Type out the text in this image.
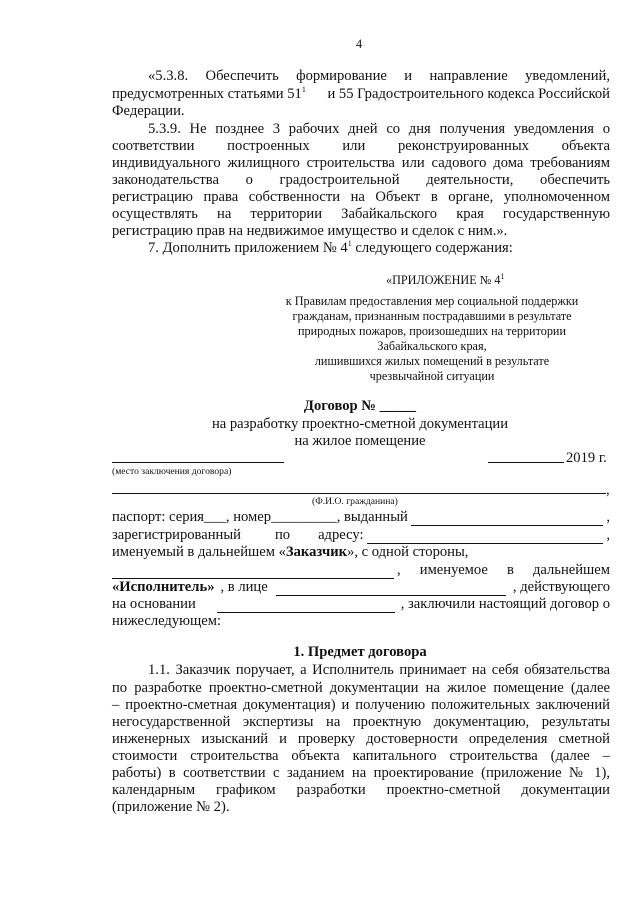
4
«5.3.8. Обеспечить формирование и направление уведомлений,
предусмотренных статьями $51^1$ и 55 Градостроительного кодекса Российской
Федерации.
5.3.9. Не позднее 3 рабочих дней со дня получения уведомления о
соответствии построенных или реконструированных объекта
индивидуального жилищного строительства или садового дома требованиям
законодательства о градостроительной деятельности, обеспечить
регистрацию права собственности на Объект в органе, уполномоченном
осуществлять на территории Забайкальского края государственную
регистрацию прав на недвижимое имущество и сделок с ним.».
7. Дополнить приложением № $4^1$ следующего содержания:
«ПРИЛОЖЕНИЕ № $4^1$
к Правилам предоставления мер социальной поддержки
гражданам, признанным пострадавшими в результате
природных пожаров, произошедших на территории
Забайкальского края,
лишившихся жилых помещений в результате
чрезвычайной ситуации
Договор № _____
на разработку проектно-сметной документации
на жилое помещение
2019 г.
(место заключения договора)
,
(Ф.И.О. гражданина)
паспорт: серия___, номер_________, выданный	,
зарегистрированный по адресу:	,
именуемый в дальнейшем «Заказчик», с одной стороны,
, именуемое в дальнейшем
«Исполнитель» , в лице	, действующего
на основании	, заключили настоящий договор о
нижеследующем:
1. Предмет договора
1.1. Заказчик поручает, а Исполнитель принимает на себя обязательства
по разработке проектно-сметной документации на жилое помещение (далее
– проектно-сметная документация) и получению положительных заключений
негосударственной экспертизы на проектную документацию, результаты
инженерных изысканий и проверку достоверности определения сметной
стоимости строительства объекта капитального строительства (далее –
работы) в соответствии с заданием на проектирование (приложение № 1),
календарным графиком разработки проектно-сметной документации
(приложение № 2).
